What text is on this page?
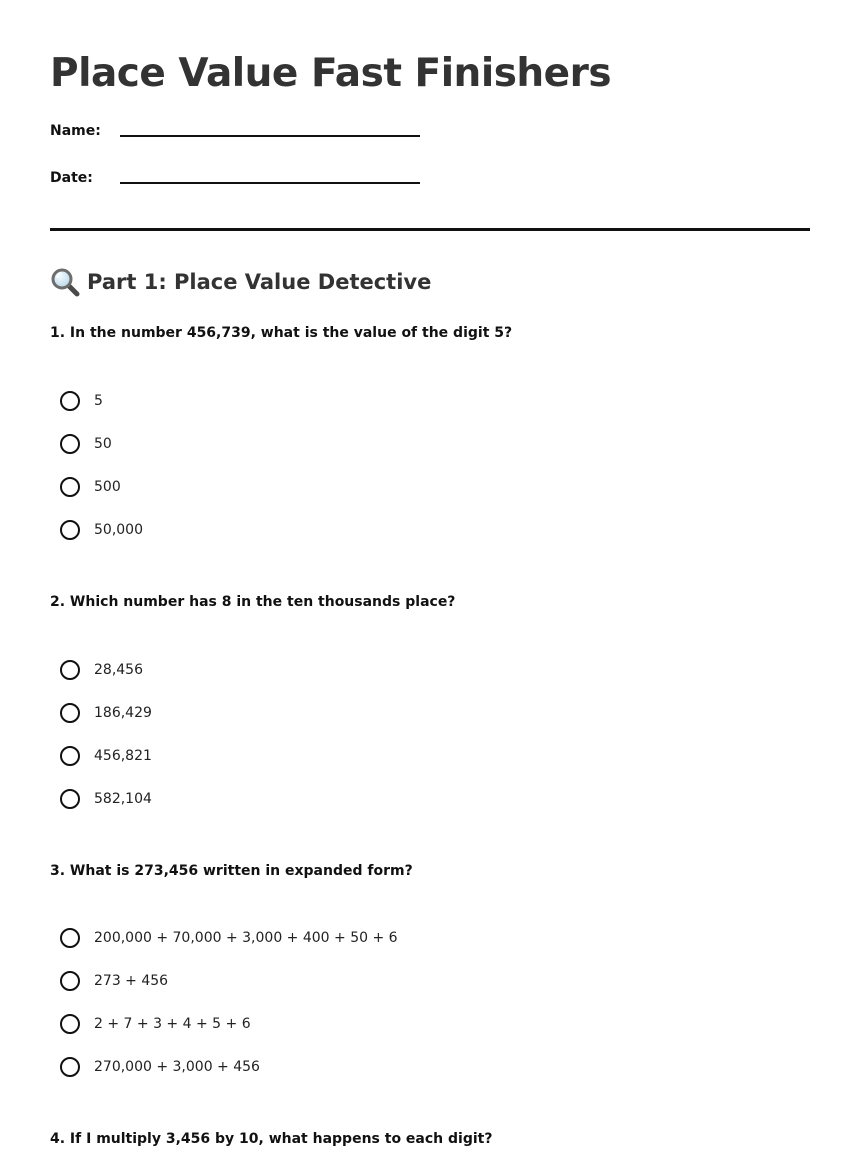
Place Value Fast Finishers
Name:
Date:
Part 1: Place Value Detective
1. In the number 456,739, what is the value of the digit 5?
5
50
500
50,000
2. Which number has 8 in the ten thousands place?
28,456
186,429
456,821
582,104
3. What is 273,456 written in expanded form?
200,000 + 70,000 + 3,000 + 400 + 50 + 6
273 + 456
2 + 7 + 3 + 4 + 5 + 6
270,000 + 3,000 + 456
4. If I multiply 3,456 by 10, what happens to each digit?
